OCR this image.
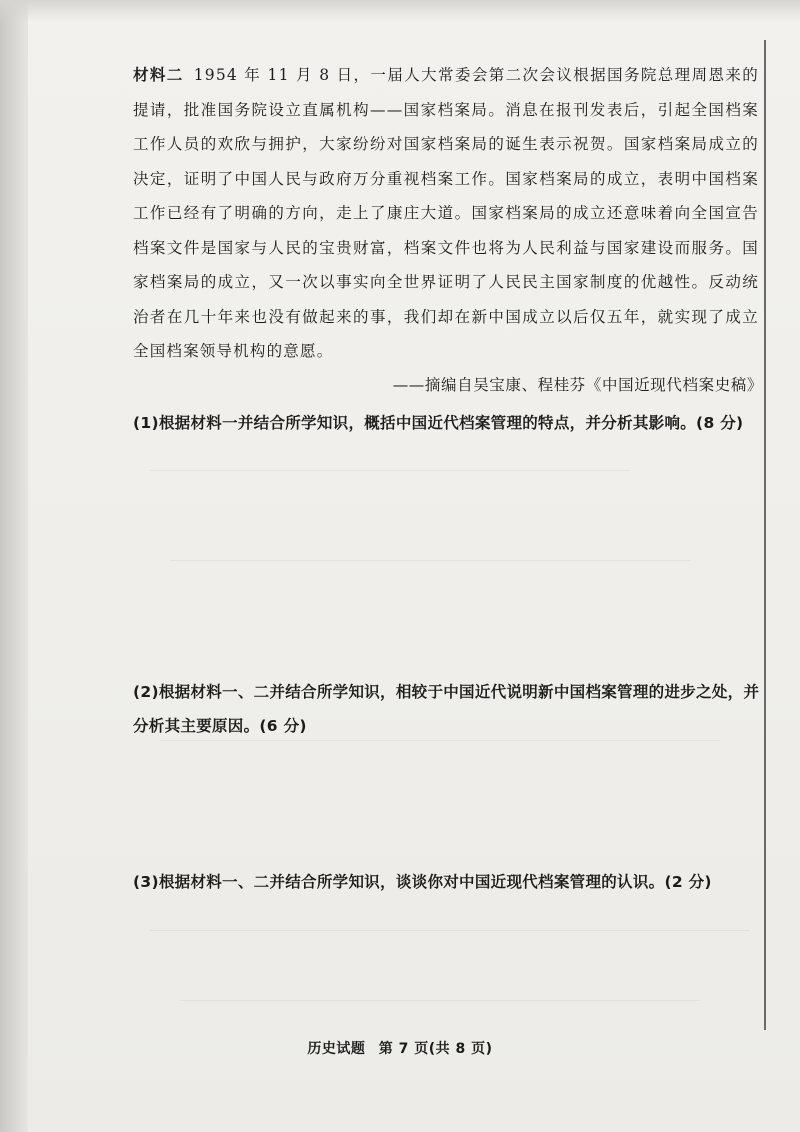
材料二 1954 年 11 月 8 日，一届人大常委会第二次会议根据国务院总理周恩来的提请，批准国务院设立直属机构——国家档案局。消息在报刊发表后，引起全国档案工作人员的欢欣与拥护，大家纷纷对国家档案局的诞生表示祝贺。国家档案局成立的决定，证明了中国人民与政府万分重视档案工作。国家档案局的成立，表明中国档案工作已经有了明确的方向，走上了康庄大道。国家档案局的成立还意味着向全国宣告档案文件是国家与人民的宝贵财富，档案文件也将为人民利益与国家建设而服务。国家档案局的成立，又一次以事实向全世界证明了人民民主国家制度的优越性。反动统治者在几十年来也没有做起来的事，我们却在新中国成立以后仅五年，就实现了成立全国档案领导机构的意愿。
——摘编自吴宝康、程桂芬《中国近现代档案史稿》
(1)根据材料一并结合所学知识，概括中国近代档案管理的特点，并分析其影响。(8 分)
(2)根据材料一、二并结合所学知识，相较于中国近代说明新中国档案管理的进步之处，并分析其主要原因。(6 分)
(3)根据材料一、二并结合所学知识，谈谈你对中国近现代档案管理的认识。(2 分)
历史试题 第 7 页(共 8 页)
